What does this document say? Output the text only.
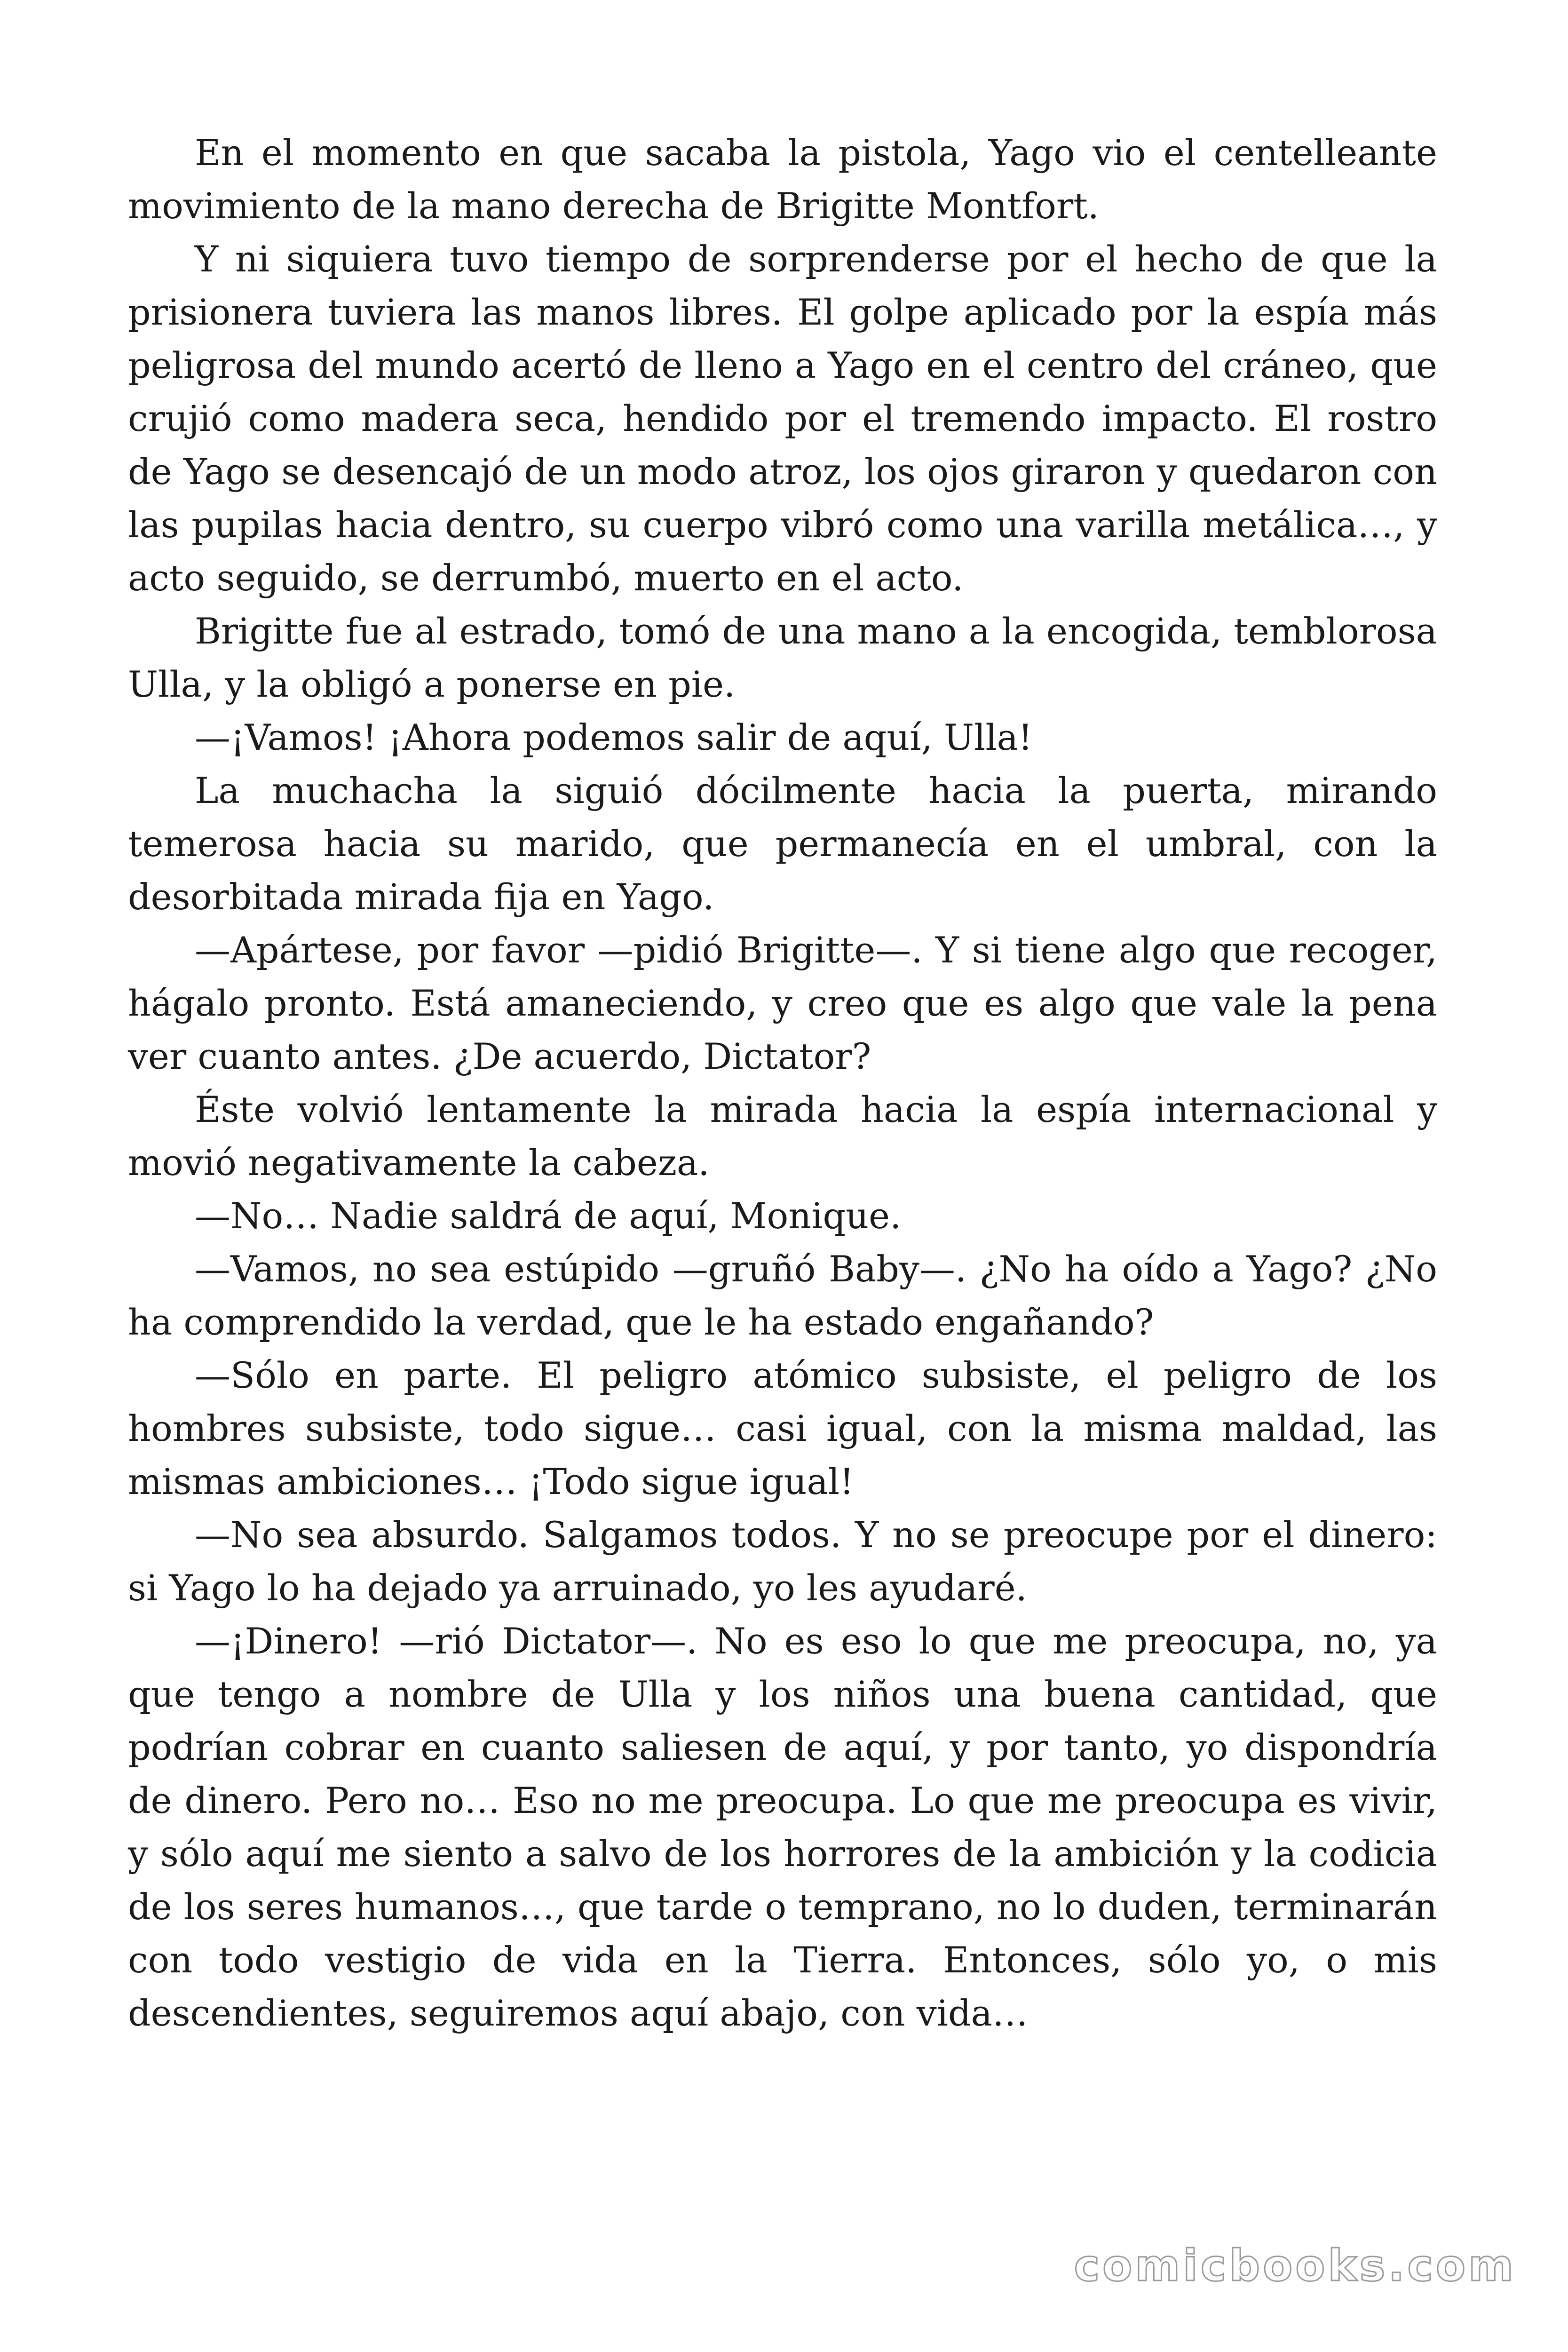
En el momento en que sacaba la pistola, Yago vio el centelleante movimiento de la mano derecha de Brigitte Montfort.

Y ni siquiera tuvo tiempo de sorprenderse por el hecho de que la prisionera tuviera las manos libres. El golpe aplicado por la espía más peligrosa del mundo acertó de lleno a Yago en el centro del cráneo, que crujió como madera seca, hendido por el tremendo impacto. El rostro de Yago se desencajó de un modo atroz, los ojos giraron y quedaron con las pupilas hacia dentro, su cuerpo vibró como una varilla metálica…, y acto seguido, se derrumbó, muerto en el acto.

Brigitte fue al estrado, tomó de una mano a la encogida, temblorosa Ulla, y la obligó a ponerse en pie.

—¡Vamos! ¡Ahora podemos salir de aquí, Ulla!

La muchacha la siguió dócilmente hacia la puerta, mirando temerosa hacia su marido, que permanecía en el umbral, con la desorbitada mirada fija en Yago.

—Apártese, por favor —pidió Brigitte—. Y si tiene algo que recoger, hágalo pronto. Está amaneciendo, y creo que es algo que vale la pena ver cuanto antes. ¿De acuerdo, Dictator?

Éste volvió lentamente la mirada hacia la espía internacional y movió negativamente la cabeza.

—No… Nadie saldrá de aquí, Monique.

—Vamos, no sea estúpido —gruñó Baby—. ¿No ha oído a Yago? ¿No ha comprendido la verdad, que le ha estado engañando?

—Sólo en parte. El peligro atómico subsiste, el peligro de los hombres subsiste, todo sigue… casi igual, con la misma maldad, las mismas ambiciones… ¡Todo sigue igual!

—No sea absurdo. Salgamos todos. Y no se preocupe por el dinero: si Yago lo ha dejado ya arruinado, yo les ayudaré.

—¡Dinero! —rió Dictator—. No es eso lo que me preocupa, no, ya que tengo a nombre de Ulla y los niños una buena cantidad, que podrían cobrar en cuanto saliesen de aquí, y por tanto, yo dispondría de dinero. Pero no… Eso no me preocupa. Lo que me preocupa es vivir, y sólo aquí me siento a salvo de los horrores de la ambición y la codicia de los seres humanos…, que tarde o temprano, no lo duden, terminarán con todo vestigio de vida en la Tierra. Entonces, sólo yo, o mis descendientes, seguiremos aquí abajo, con vida…

comicbooks.com
